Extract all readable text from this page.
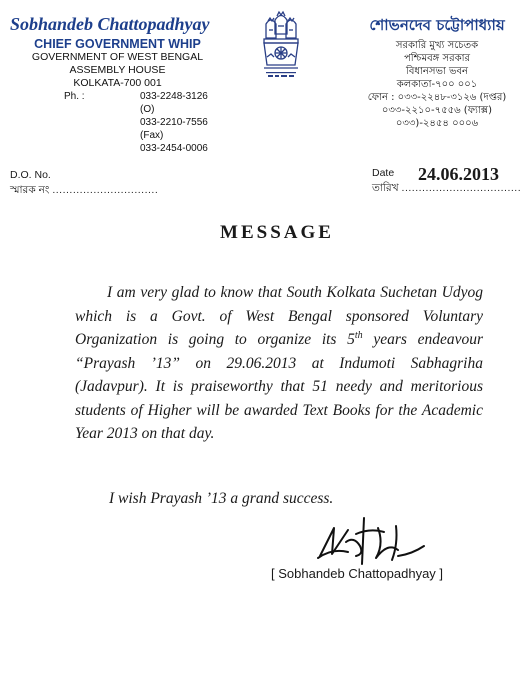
Sobhandeb Chattopadhyay
CHIEF GOVERNMENT WHIP
GOVERNMENT OF WEST BENGAL
ASSEMBLY HOUSE
KOLKATA-700 001
Ph. :	033-2248-3126 (O)
033-2210-7556 (Fax)
033-2454-0006
শোভনদেব চট্টোপাধ্যায়
সরকারি মুখ্য সচেতক
পশ্চিমবঙ্গ সরকার
বিধানসভা ভবন
কলকাতা-৭০০ ০০১
ফোন : ০৩৩-২২৪৮-৩১২৬ (দপ্তর)
০৩৩-২২১০-৭৫৫৬ (ফ্যাক্স)
০৩৩)-২৪৫৪ ০০০৬
D.O. No.
স্মারক নং ...............................
Date
তারিখ ...................................
24.06.2013
MESSAGE

I am very glad to know that South Kolkata Suchetan Udyog which is a Govt. of West Bengal sponsored Voluntary Organization is going to organize its 5th years endeavour “Prayash ’13” on 29.06.2013 at Indumoti Sabhagriha (Jadavpur). It is praiseworthy that 51 needy and meritorious students of Higher will be awarded Text Books for the Academic Year 2013 on that day.

I wish Prayash ’13 a grand success.
[ Sobhandeb Chattopadhyay ]
